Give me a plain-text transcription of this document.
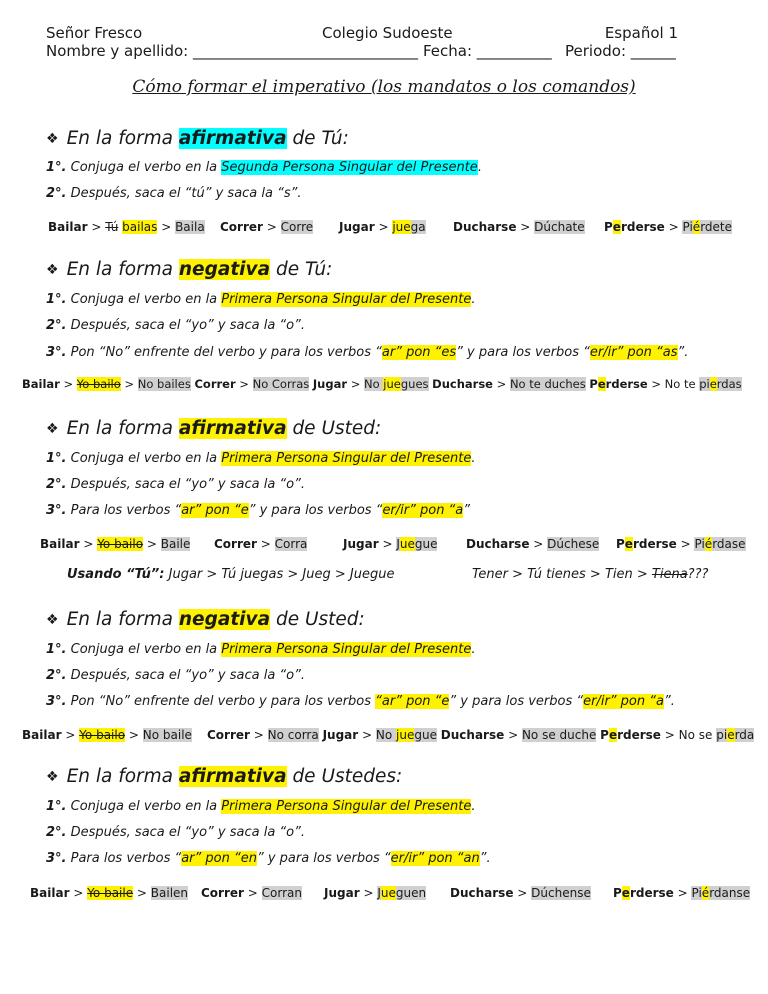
Señor Fresco	Colegio Sudoeste	Español 1
Nombre y apellido: ______________________________ Fecha: __________ Periodo: ______
Cómo formar el imperativo (los mandatos o los comandos)
❖ En la forma afirmativa de Tú:
1°. Conjuga el verbo en la Segunda Persona Singular del Presente.
2°. Después, saca el “tú” y saca la “s”.
Bailar > Tú bailas > Baila Correr > Corre Jugar > juega Ducharse > Dúchate Perderse > Piérdete
❖ En la forma negativa de Tú:
1°. Conjuga el verbo en la Primera Persona Singular del Presente.
2°. Después, saca el “yo” y saca la “o”.
3°. Pon “No” enfrente del verbo y para los verbos “ar” pon “es” y para los verbos “er/ir” pon “as”.
Bailar > Yo bailo > No bailes Correr > No Corras Jugar > No juegues Ducharse > No te duches Perderse > No te pierdas
❖ En la forma afirmativa de Usted:
1°. Conjuga el verbo en la Primera Persona Singular del Presente.
2°. Después, saca el “yo” y saca la “o”.
3°. Para los verbos “ar” pon “e” y para los verbos “er/ir” pon “a”
Bailar > Yo bailo > Baile Correr > Corra	Jugar > Juegue Ducharse > Dúchese Perderse > Piérdase
Usando “Tú”: Jugar > Tú juegas > Jueg > Juegue	Tener > Tú tienes > Tien > Tiena???
❖ En la forma negativa de Usted:
1°. Conjuga el verbo en la Primera Persona Singular del Presente.
2°. Después, saca el “yo” y saca la “o”.
3°. Pon “No” enfrente del verbo y para los verbos “ar” pon “e” y para los verbos “er/ir” pon “a”.
Bailar > Yo bailo > No baile Correr > No corra Jugar > No juegue Ducharse > No se duche Perderse > No se pierda
❖ En la forma afirmativa de Ustedes:
1°. Conjuga el verbo en la Primera Persona Singular del Presente.
2°. Después, saca el “yo” y saca la “o”.
3°. Para los verbos “ar” pon “en” y para los verbos “er/ir” pon “an”.
Bailar > Yo baile > Bailen Correr > Corran Jugar > Jueguen Ducharse > Dúchense Perderse > Piérdanse
